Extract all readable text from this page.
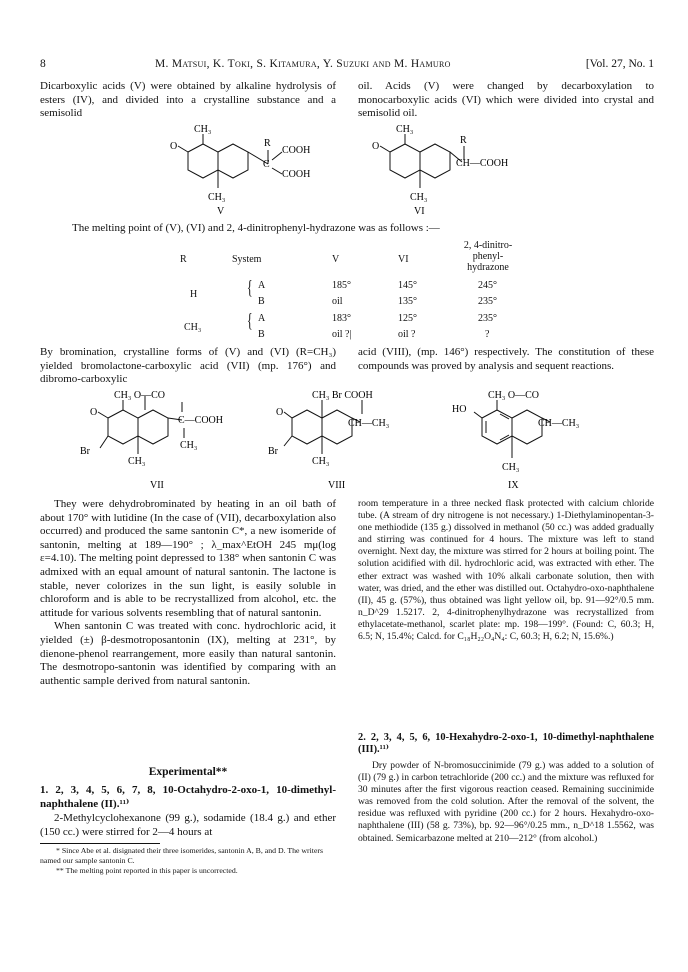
8	M. Matsui, K. Toki, S. Kitamura, Y. Suzuki and M. Hamuro	[Vol. 27, No. 1

Dicarboxylic acids (V) were obtained by alkaline hydrolysis of esters (IV), and divided into a crystalline substance and a semisolid

oil. Acids (V) were changed by decarboxylation to monocarboxylic acids (VI) which were divided into crystal and semisolid oil.

CH₃
O	R
C
COOH
COOH
CH₃
V
CH₃
O
R
CH—COOH
CH₃
VI

The melting point of (V), (VI) and 2, 4-dinitrophenyl-hydrazone was as follows :—

R	System	V	VI
2, 4-dinitro-
phenyl-
hydrazone
H { A	185°	145°	245°
B	oil	135°	235°
CH₃ { A	183°	125°	235°
B	oil ?|	oil ?	?

By bromination, crystalline forms of (V) and (VI) (R=CH₃) yielded bromolactone-carboxylic acid (VII) (mp. 176°) and dibromo-carboxylic

acid (VIII), (mp. 146°) respectively. The constitution of these compounds was proved by analysis and sequent reactions.

CH₃ O—CO
O
C—COOH
CH₃
Br
CH₃
VII
CH₃ Br COOH
O
CH—CH₃
Br
CH₃
VIII
CH₃ O—CO
HO
CH—CH₃
CH₃
IX

They were dehydrobrominated by heating in an oil bath of about 170° with lutidine (In the case of (VII), decarboxylation also occurred) and produced the same santonin C*, a new isomeride of santonin, melting at 189—190° ; λ_max^EtOH 245 mμ(log ε=4.10). The melting point depressed to 138° when santonin C was admixed with an equal amount of natural santonin. The lactone is stable, never colorizes in the sun light, is easily soluble in chloroform and is able to be recrystallized from alcohol, etc. the attitude for various solvents resembling that of natural santonin.

When santonin C was treated with conc. hydrochloric acid, it yielded (±) β-desmotroposantonin (IX), melting at 231°, by dienone-phenol rearrangement, more easily than natural santonin. The desmotropo-santonin was identified by comparing with an authentic sample derived from natural santonin.

Experimental**

1. 2, 3, 4, 5, 6, 7, 8, 10-Octahydro-2-oxo-1, 10-dimethyl-naphthalene (II).¹¹⁾

2-Methylcyclohexanone (99 g.), sodamide (18.4 g.) and ether (150 cc.) were stirred for 2—4 hours at

* Since Abe et al. disignated their three isomerides, santonin A, B, and D. The writers named our sample santonin C.

** The melting point reported in this paper is uncorrected.

room temperature in a three necked flask protected with calcium chloride tube. (A stream of dry nitrogene is not necessary.) 1-Diethylaminopentan-3-one methiodide (135 g.) dissolved in methanol (50 cc.) was added gradually and stirring was continued for 4 hours. The mixture was left to stand overnight. Next day, the mixture was stirred for 2 hours at boiling point. The solution acidified with dil. hydrochloric acid, was extracted with ether. The ether extract was washed with 10% alkali carbonate solution, then with water, was dried, and the ether was distilled out. Octahydro-oxo-naphthalene (II), 45 g. (57%), thus obtained was light yellow oil, bp. 91—92°/0.5 mm. n_D^29 1.5217. 2, 4-dinitrophenylhydrazone was recrystallized from ethylacetate-methanol, scarlet plate: mp. 198—199°. (Found: C, 60.3; H, 6.5; N, 15.4%; Calcd. for C₁₈H₂₂O₄N₄: C, 60.3; H, 6.2; N, 15.6%.)

2. 2, 3, 4, 5, 6, 10-Hexahydro-2-oxo-1, 10-dimethyl-naphthalene (III).¹¹⁾

Dry powder of N-bromosuccinimide (79 g.) was added to a solution of (II) (79 g.) in carbon tetrachloride (200 cc.) and the mixture was refluxed for 30 minutes after the first vigorous reaction ceased. Remaining succinimide was removed from the cold solution. After the removal of the solvent, the residue was refluxed with pyridine (200 cc.) for 2 hours. Hexahydro-oxo-naphthalene (III) (58 g. 73%), bp. 92—96°/0.25 mm., n_D^18 1.5562, was obtained. Semicarbazone melted at 210—212° (from alcohol.)
